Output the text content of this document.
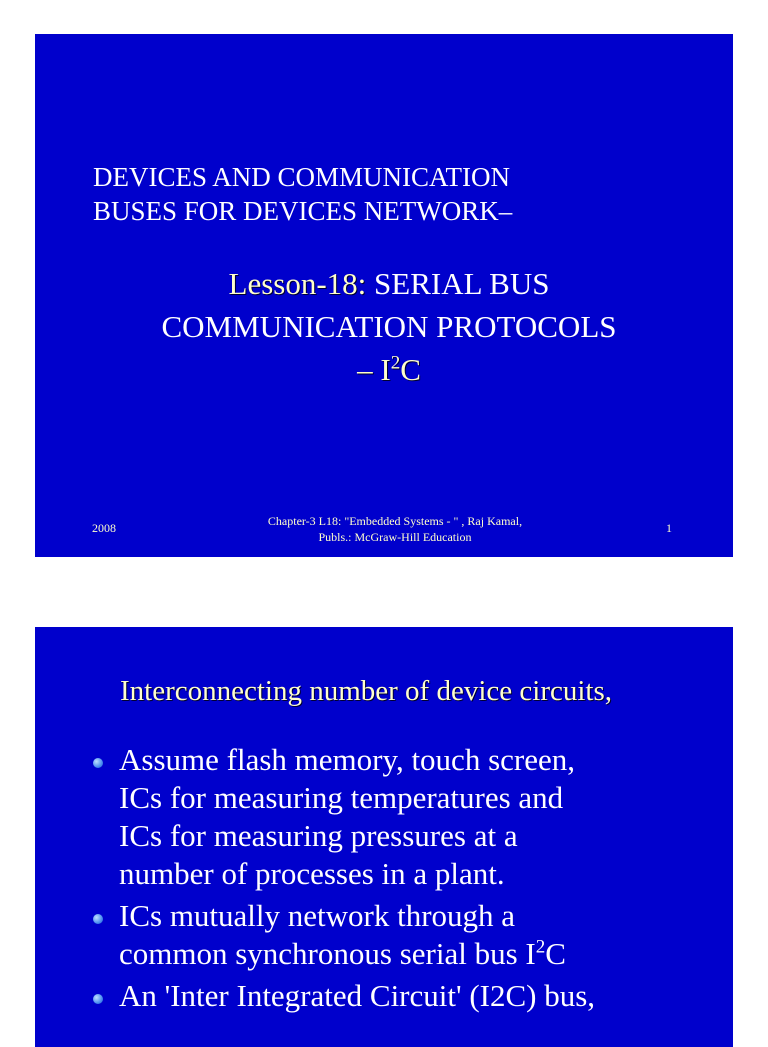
DEVICES AND COMMUNICATION
BUSES FOR DEVICES NETWORK–
Lesson-18: SERIAL BUS
COMMUNICATION PROTOCOLS
– $I^2C$
2008	Chapter-3 L18: "Embedded Systems - " , Raj Kamal,
Publs.: McGraw-Hill Education
1
Interconnecting number of device circuits,
Assume flash memory, touch screen,
ICs for measuring temperatures and
ICs for measuring pressures at a
number of processes in a plant.
ICs mutually network through a
common synchronous serial bus $I^2C$
An 'Inter Integrated Circuit' (I2C) bus,
